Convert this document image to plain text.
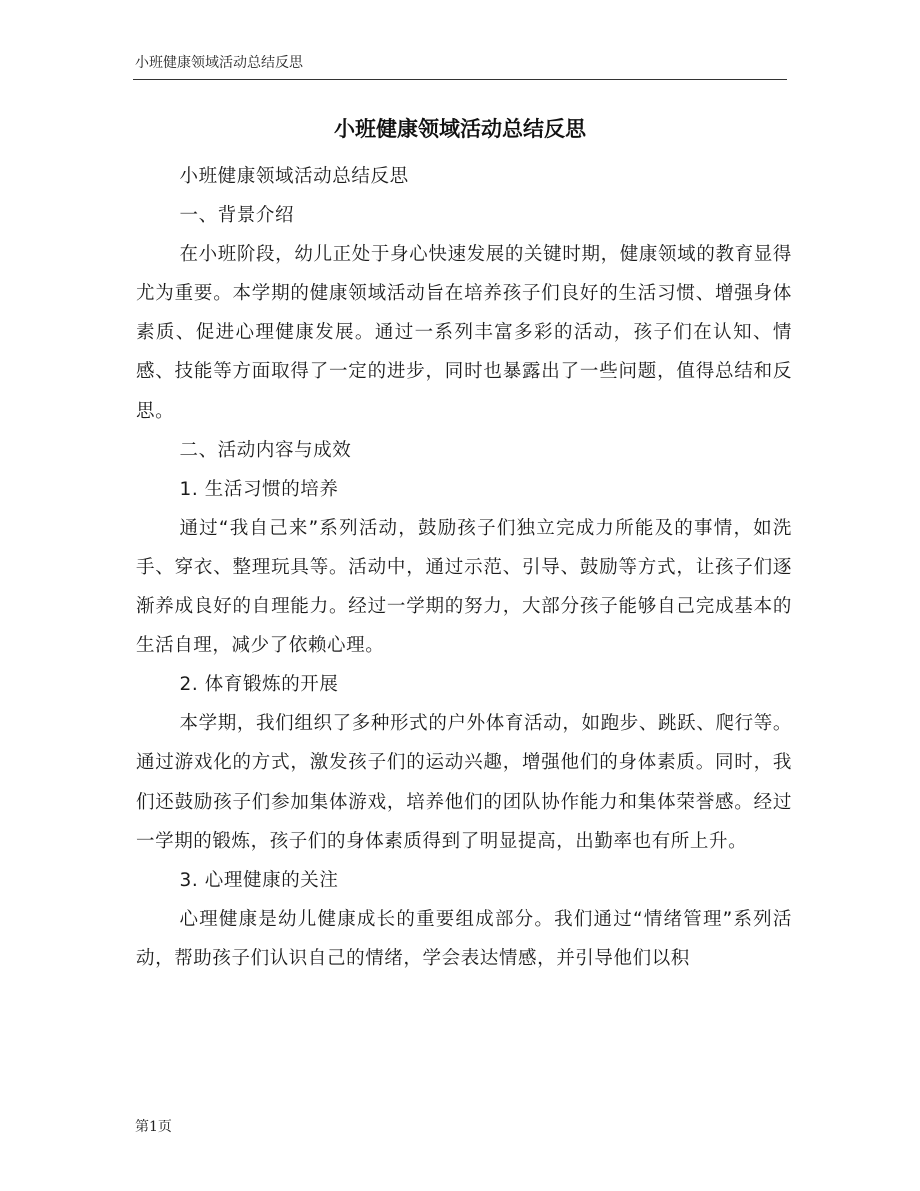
小班健康领域活动总结反思
小班健康领域活动总结反思

小班健康领域活动总结反思

一、背景介绍

在小班阶段，幼儿正处于身心快速发展的关键时期，健康领域的教育显得尤为重要。本学期的健康领域活动旨在培养孩子们良好的生活习惯、增强身体素质、促进心理健康发展。通过一系列丰富多彩的活动，孩子们在认知、情感、技能等方面取得了一定的进步，同时也暴露出了一些问题，值得总结和反思。

二、活动内容与成效

1. 生活习惯的培养

通过“我自己来”系列活动，鼓励孩子们独立完成力所能及的事情，如洗手、穿衣、整理玩具等。活动中，通过示范、引导、鼓励等方式，让孩子们逐渐养成良好的自理能力。经过一学期的努力，大部分孩子能够自己完成基本的生活自理，减少了依赖心理。

2. 体育锻炼的开展

本学期，我们组织了多种形式的户外体育活动，如跑步、跳跃、爬行等。通过游戏化的方式，激发孩子们的运动兴趣，增强他们的身体素质。同时，我们还鼓励孩子们参加集体游戏，培养他们的团队协作能力和集体荣誉感。经过一学期的锻炼，孩子们的身体素质得到了明显提高，出勤率也有所上升。

3. 心理健康的关注

心理健康是幼儿健康成长的重要组成部分。我们通过“情绪管理”系列活动，帮助孩子们认识自己的情绪，学会表达情感，并引导他们以积

第1页
